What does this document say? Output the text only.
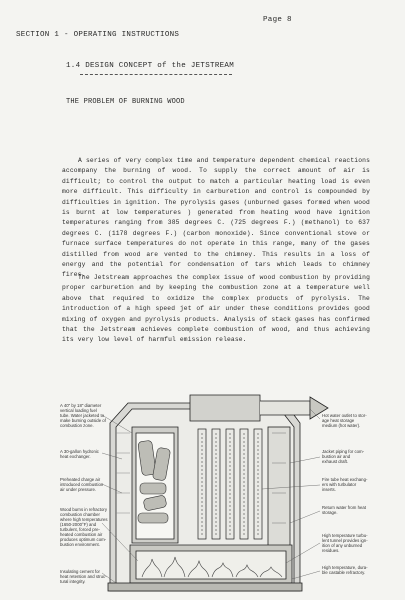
Page 8
SECTION 1 - OPERATING INSTRUCTIONS
1.4 DESIGN CONCEPT of the JETSTREAM
THE PROBLEM OF BURNING WOOD

A series of very complex time and temperature dependent chemical reactions accompany the burning of wood. To supply the correct amount of air is difficult; to control the output to match a particular heating load is even more difficult. This difficulty in carburetion and control is compounded by difficulties in ignition. The pyrolysis gases (unburned gases formed when wood is burnt at low temperatures ) generated from heating wood have ignition temperatures ranging from 385 degrees C. (725 degrees F.) (methanol) to 637 degrees C. (1178 degrees F.) (carbon monoxide). Since conventional stove or furnace surface temperatures do not operate in this range, many of the gases distilled from wood are vented to the chimney. This results in a loss of energy and the potential for condensation of tars which leads to chimney fires.

The Jetstream approaches the complex issue of wood combustion by providing proper carburetion and by keeping the combustion zone at a temperature well above that required to oxidize the complex products of pyrolysis. The introduction of a high speed jet of air under these conditions provides good mixing of oxygen and pyrolysis products. Analysis of stack gases has confirmed that the Jetstream achieves complete combustion of wood, and thus achieving its very low level of harmful emission release.

A 40" by 18" diameter vertical loading fuel tube. Water jacketed to make burning outside of combustion zone.
A 30-gallon hydronic heat exchanger.
Preheated charge air introduced combustion air under pressure.
Wood burns in refractory combustion chamber where high temperatures (1650-2000°F) and turbulent, forced pre- heated combustion air produces optimum com- bustion environment.
Insulating cement for heat retention and struc- tural integrity.
Hot water outlet to stor- age heat storage medium (hot water).
Jacket piping for com- bustion air and exhaust draft.
Fire tube heat exchang- ers with turbulator inserts.
Return water from heat storage.
High temperature turbu- lent tunnel provides ign- ition of any unburned residues.
High temperature, dura- ble castable refractory.
